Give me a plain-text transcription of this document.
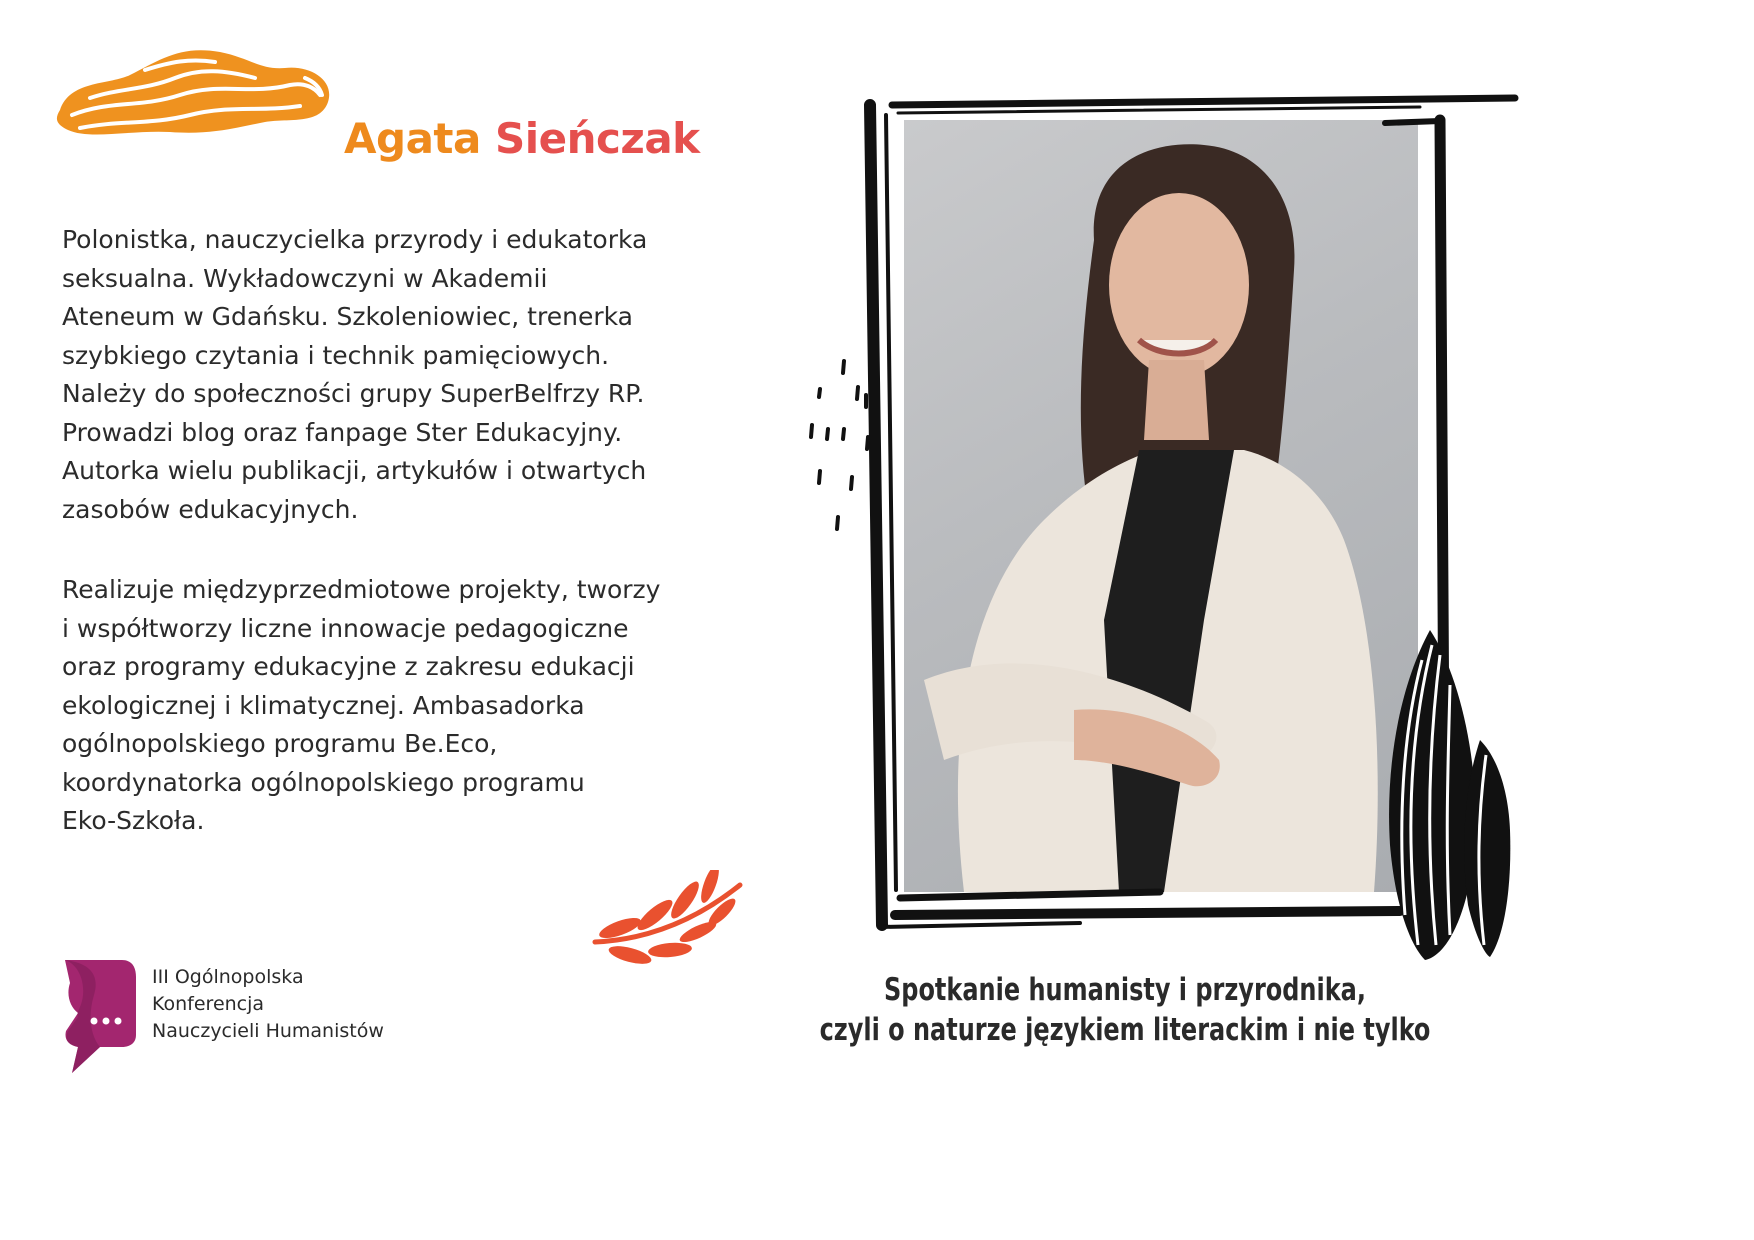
Agata Sieńczak

Polonistka, nauczycielka przyrody i edukatorka
seksualna. Wykładowczyni w Akademii
Ateneum w Gdańsku. Szkoleniowiec, trenerka
szybkiego czytania i technik pamięciowych.
Należy do społeczności grupy SuperBelfrzy RP.
Prowadzi blog oraz fanpage Ster Edukacyjny.
Autorka wielu publikacji, artykułów i otwartych
zasobów edukacyjnych.

Realizuje międzyprzedmiotowe projekty, tworzy
i współtworzy liczne innowacje pedagogiczne
oraz programy edukacyjne z zakresu edukacji
ekologicznej i klimatycznej. Ambasadorka
ogólnopolskiego programu Be.Eco,
koordynatorka ogólnopolskiego programu
Eko-Szkoła.

III Ogólnopolska
Konferencja
Nauczycieli Humanistów
Spotkanie humanisty i przyrodnika,
czyli o naturze językiem literackim i nie tylko
